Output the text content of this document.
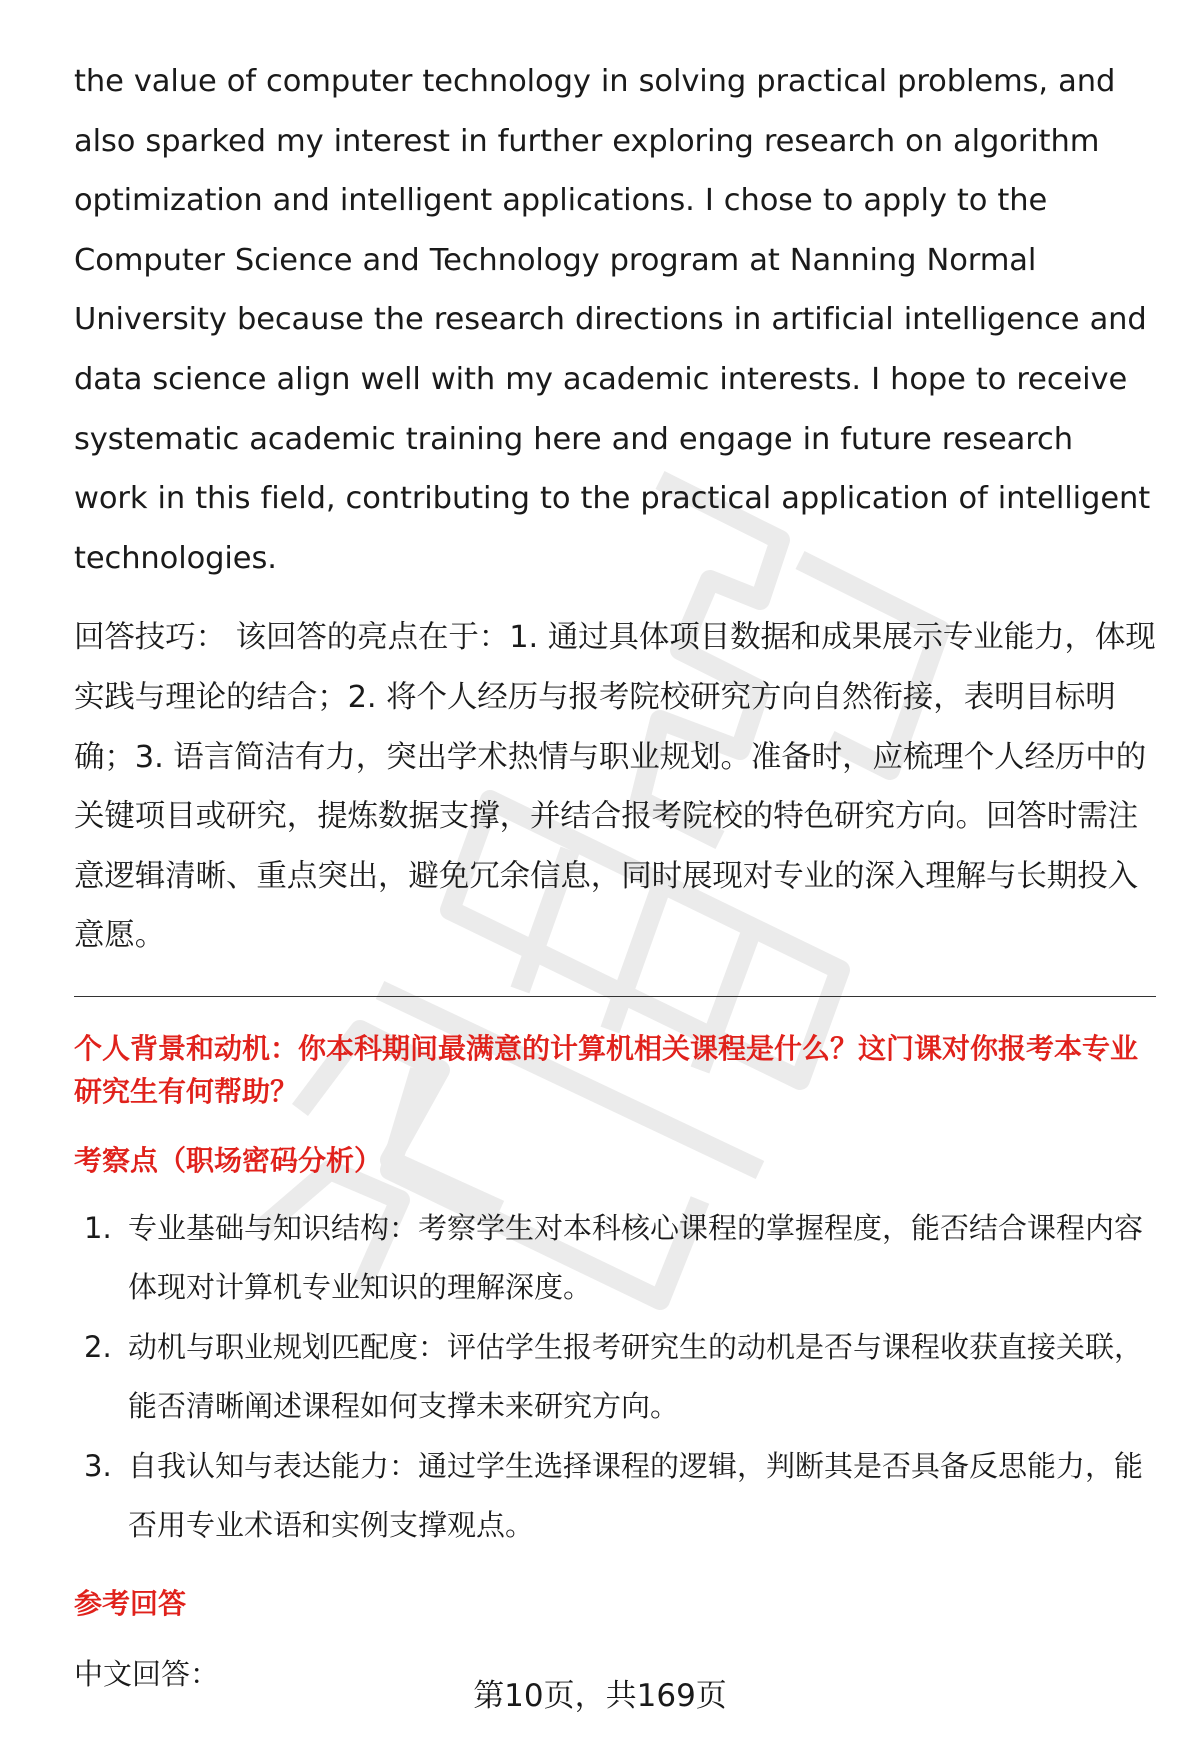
the value of computer technology in solving practical problems, and also sparked my interest in further exploring research on algorithm optimization and intelligent applications. I chose to apply to the Computer Science and Technology program at Nanning Normal University because the research directions in artificial intelligence and data science align well with my academic interests. I hope to receive systematic academic training here and engage in future research work in this field, contributing to the practical application of intelligent technologies.

回答技巧： 该回答的亮点在于：1. 通过具体项目数据和成果展示专业能力，体现实践与理论的结合；2. 将个人经历与报考院校研究方向自然衔接，表明目标明确；3. 语言简洁有力，突出学术热情与职业规划。准备时，应梳理个人经历中的关键项目或研究，提炼数据支撑，并结合报考院校的特色研究方向。回答时需注意逻辑清晰、重点突出，避免冗余信息，同时展现对专业的深入理解与长期投入意愿。

个人背景和动机：你本科期间最满意的计算机相关课程是什么？这门课对你报考本专业研究生有何帮助？

考察点（职场密码分析）

1. 专业基础与知识结构：考察学生对本科核心课程的掌握程度，能否结合课程内容体现对计算机专业知识的理解深度。
2. 动机与职业规划匹配度：评估学生报考研究生的动机是否与课程收获直接关联，能否清晰阐述课程如何支撑未来研究方向。
3. 自我认知与表达能力：通过学生选择课程的逻辑，判断其是否具备反思能力，能否用专业术语和实例支撑观点。

参考回答

中文回答：

第10页，共169页
